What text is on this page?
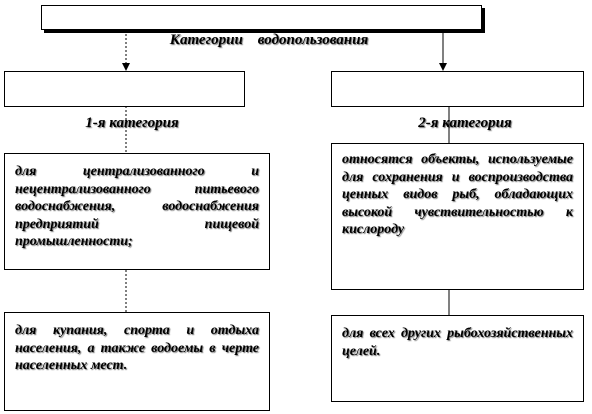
Категории    водопользования

1-я категория
	2-я категория

для централизованного и нецентрализованного питьевого водоснабжения, водоснабжения предприятий пищевой промышленности;
для купания, спорта и отдыха населения, а также водоемы в черте населенных мест.
относятся объекты, используемые для сохранения и воспроизводства ценных видов рыб, обладающих высокой чувствительностью к кислороду
для всех других рыбохозяйственных целей.
